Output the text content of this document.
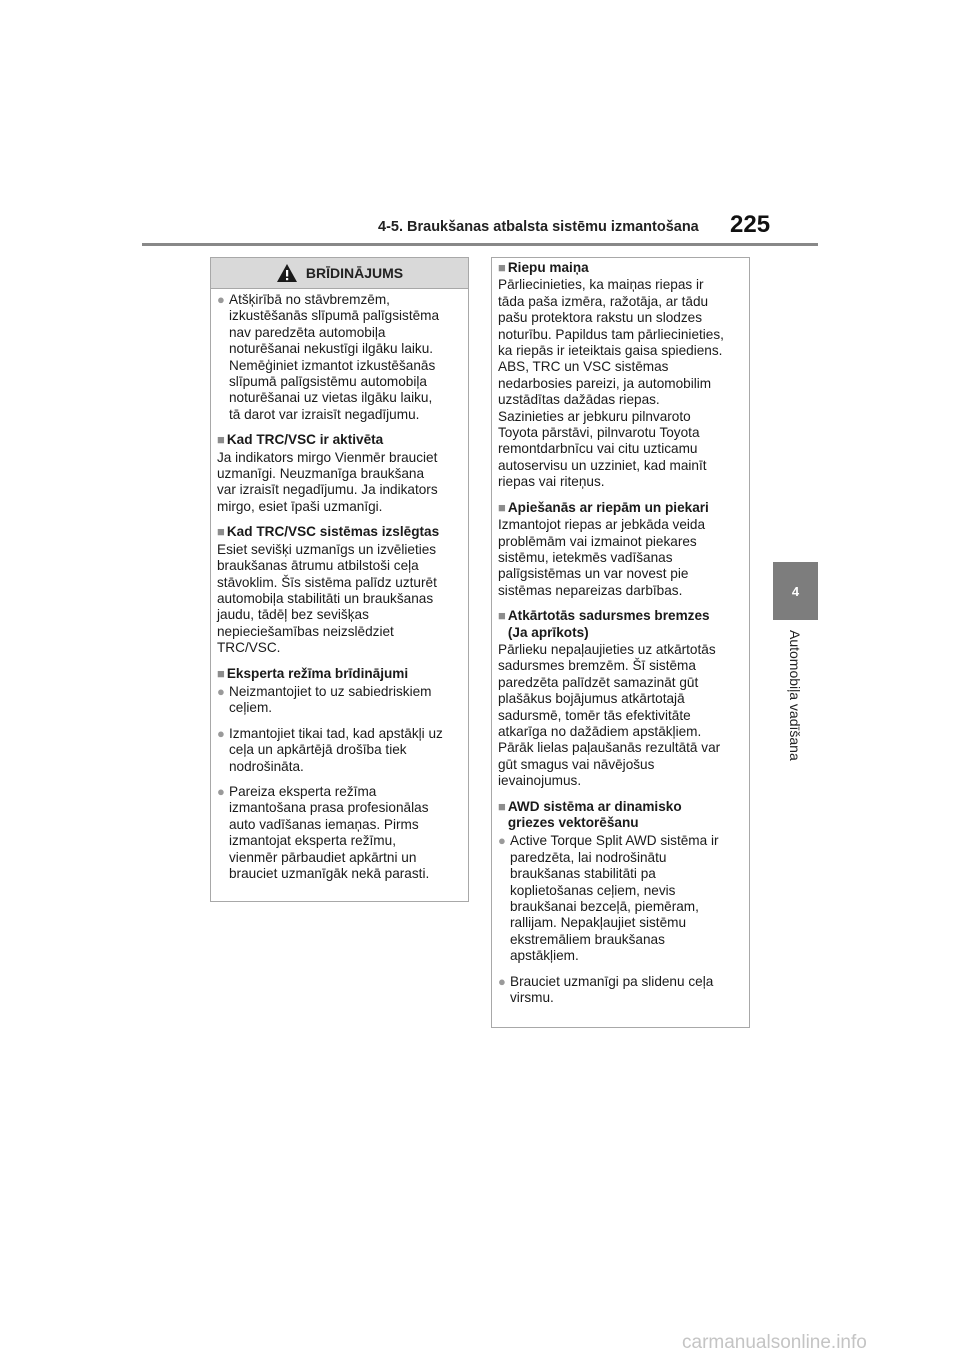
4-5. Braukšanas atbalsta sistēmu izmantošana 225
4
Automobiļa vadīšana
BRĪDINĀJUMS
● Atšķirībā no stāvbremzēm,
izkustēšanās slīpumā palīgsistēma
nav paredzēta automobiļa
noturēšanai nekustīgi ilgāku laiku.
Nemēģiniet izmantot izkustēšanās
slīpumā palīgsistēmu automobiļa
noturēšanai uz vietas ilgāku laiku,
tā darot var izraisīt negadījumu.
■ Kad TRC/VSC ir aktivēta
Ja indikators mirgo Vienmēr brauciet
uzmanīgi. Neuzmanīga braukšana
var izraisīt negadījumu. Ja indikators
mirgo, esiet īpaši uzmanīgi.
■ Kad TRC/VSC sistēmas izslēgtas
Esiet sevišķi uzmanīgs un izvēlieties
braukšanas ātrumu atbilstoši ceļa
stāvoklim. Šīs sistēma palīdz uzturēt
automobiļa stabilitāti un braukšanas
jaudu, tādēļ bez sevišķas
nepieciešamības neizslēdziet
TRC/VSC.
■ Eksperta režīma brīdinājumi
● Neizmantojiet to uz sabiedriskiem
ceļiem.
● Izmantojiet tikai tad, kad apstākļi uz
ceļa un apkārtējā drošība tiek
nodrošināta.
● Pareiza eksperta režīma
izmantošana prasa profesionālas
auto vadīšanas iemaņas. Pirms
izmantojat eksperta režīmu,
vienmēr pārbaudiet apkārtni un
brauciet uzmanīgāk nekā parasti.
■ Riepu maiņa
Pārliecinieties, ka maiņas riepas ir
tāda paša izmēra, ražotāja, ar tādu
pašu protektora rakstu un slodzes
noturību. Papildus tam pārliecinieties,
ka riepās ir ieteiktais gaisa spiediens.
ABS, TRC un VSC sistēmas
nedarbosies pareizi, ja automobilim
uzstādītas dažādas riepas.
Sazinieties ar jebkuru pilnvaroto
Toyota pārstāvi, pilnvarotu Toyota
remontdarbnīcu vai citu uzticamu
autoservisu un uzziniet, kad mainīt
riepas vai riteņus.
■ Apiešanās ar riepām un piekari
Izmantojot riepas ar jebkāda veida
problēmām vai izmainot piekares
sistēmu, ietekmēs vadīšanas
palīgsistēmas un var novest pie
sistēmas nepareizas darbības.
■ Atkārtotās sadursmes bremzes
(Ja aprīkots)
Pārlieku nepaļaujieties uz atkārtotās
sadursmes bremzēm. Šī sistēma
paredzēta palīdzēt samazināt gūt
plašākus bojājumus atkārtotajā
sadursmē, tomēr tās efektivitāte
atkarīga no dažādiem apstākļiem.
Pārāk lielas paļaušanās rezultātā var
gūt smagus vai nāvējošus
ievainojumus.
■ AWD sistēma ar dinamisko
griezes vektorēšanu
● Active Torque Split AWD sistēma ir
paredzēta, lai nodrošinātu
braukšanas stabilitāti pa
koplietošanas ceļiem, nevis
braukšanai bezceļā, piemēram,
rallijam. Nepakļaujiet sistēmu
ekstremāliem braukšanas
apstākļiem.
● Brauciet uzmanīgi pa slidenu ceļa
virsmu.
carmanualsonline.info
